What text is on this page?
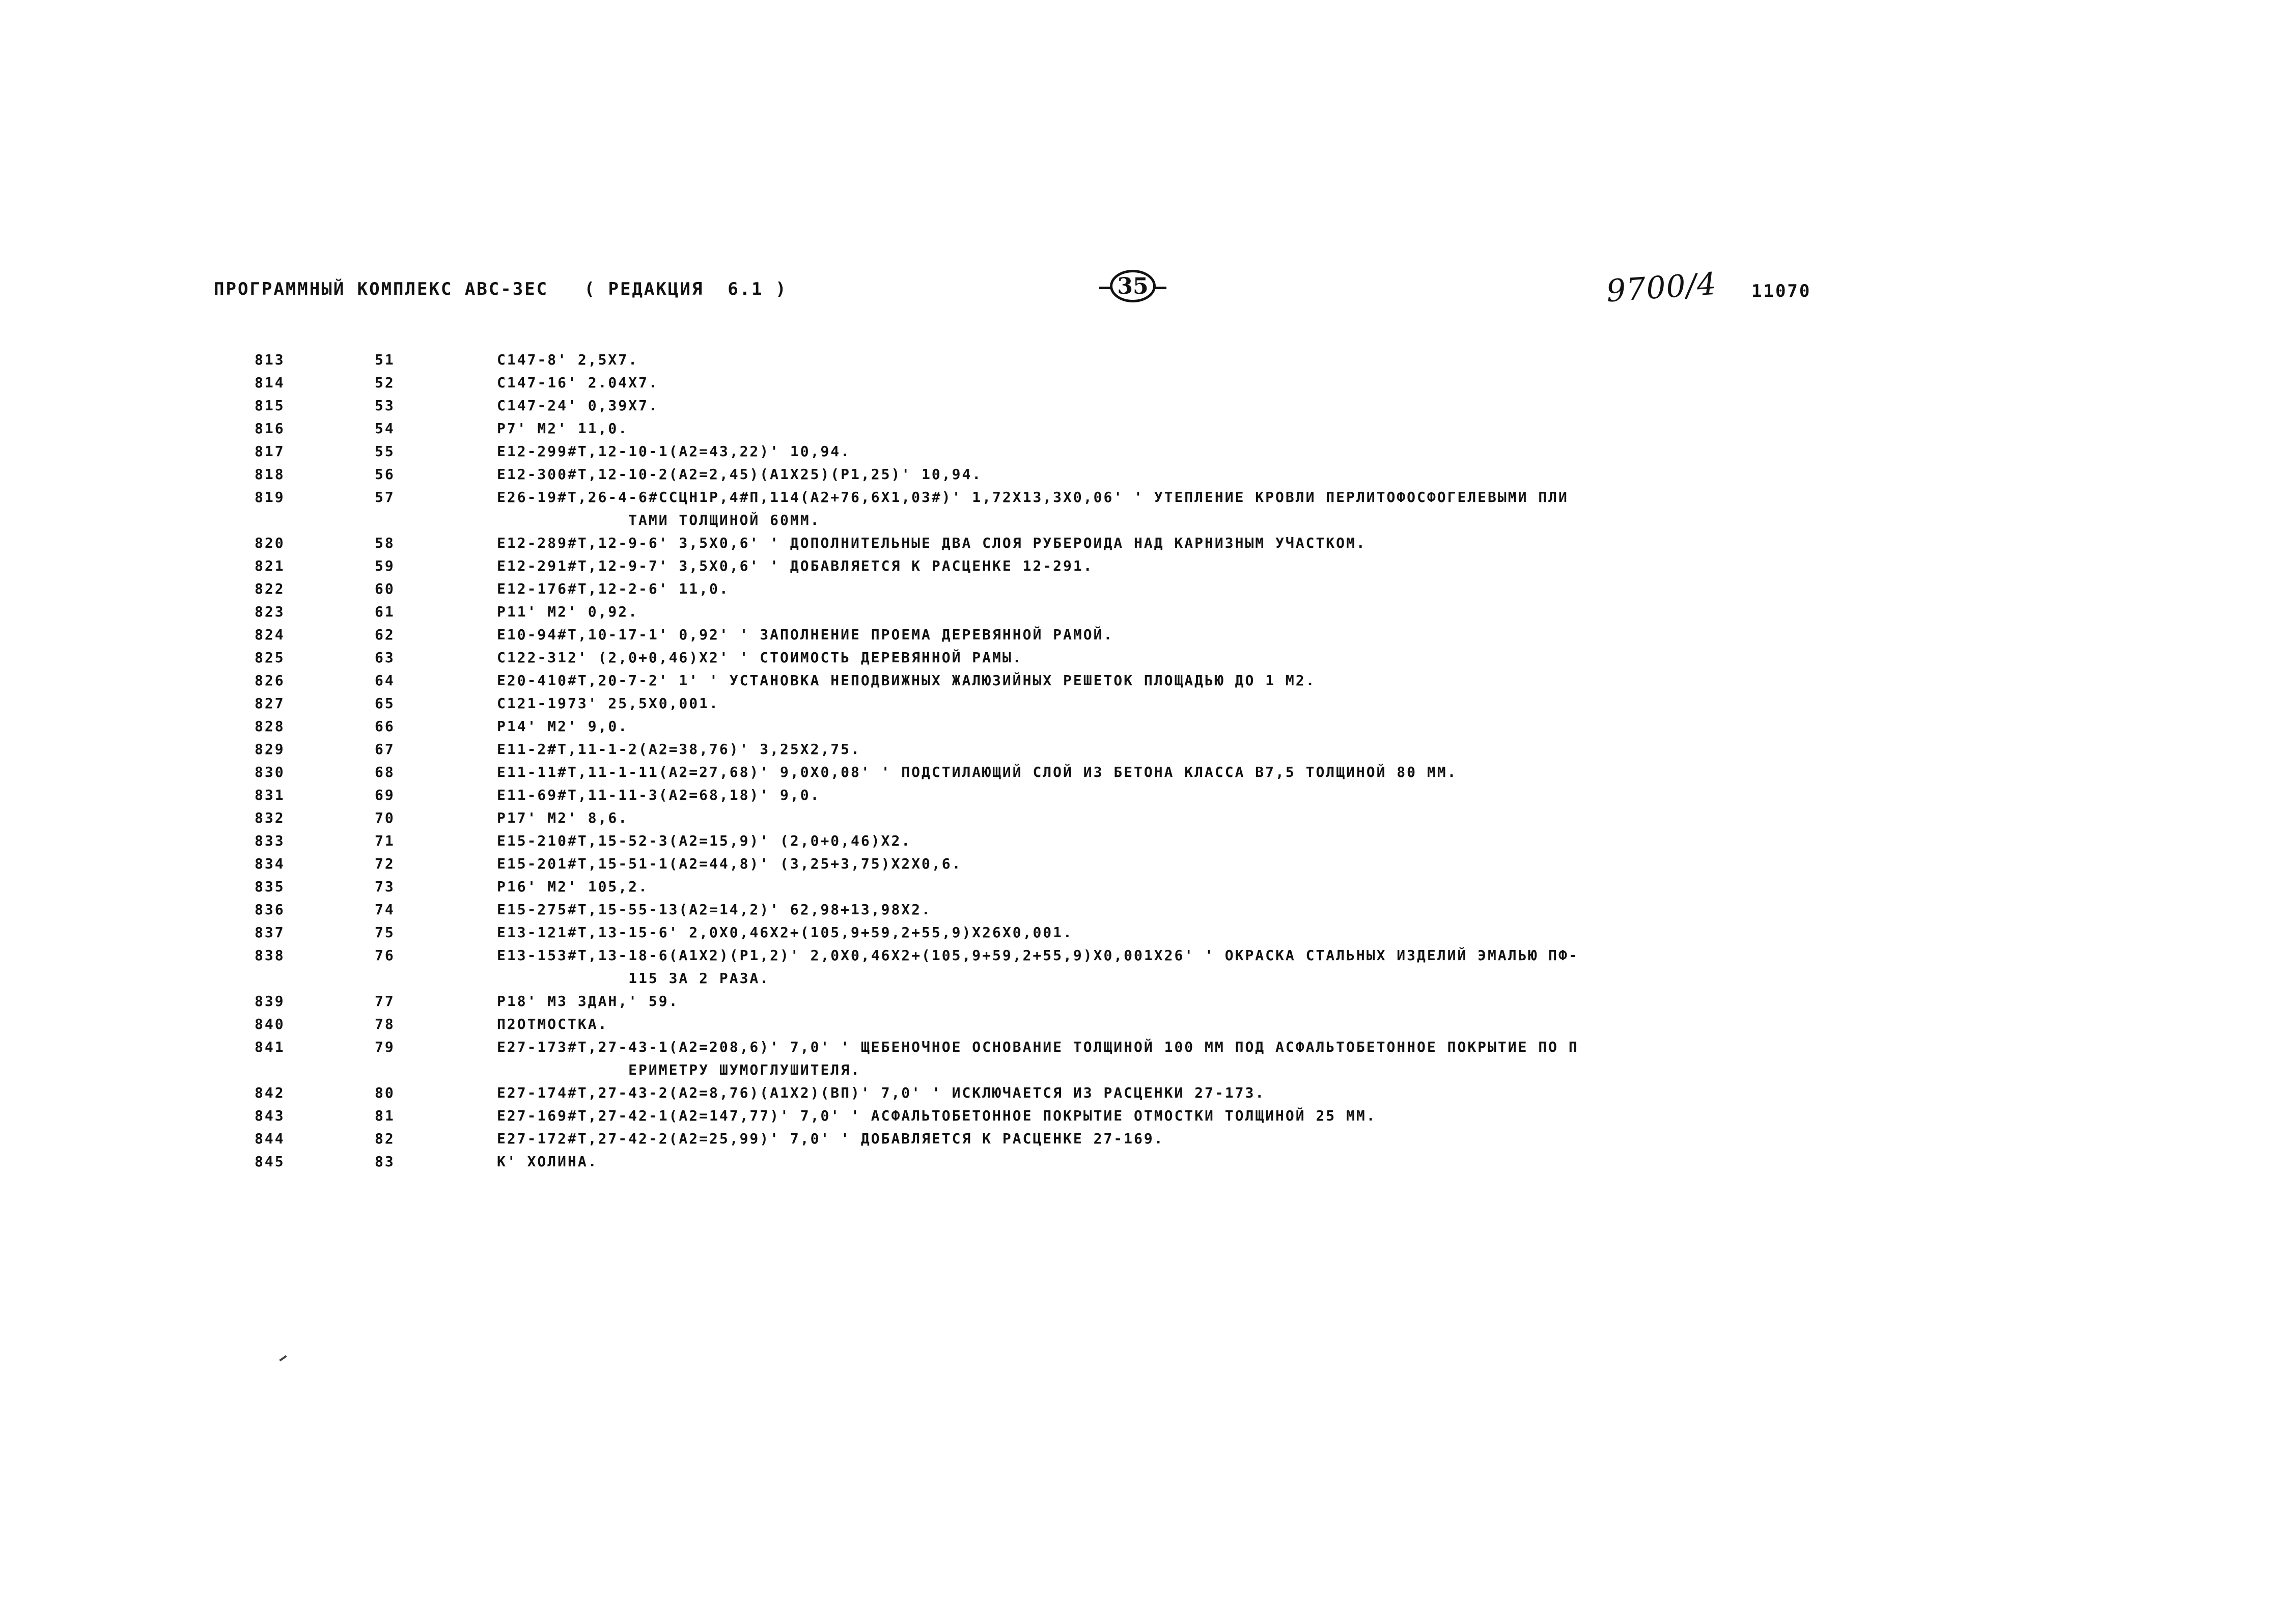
ПРОГРАММНЫЙ КОМПЛЕКС АВС-ЗЕС   ( РЕДАКЦИЯ  6.1 )	35	9700/4 11070
813	51	С147-8' 2,5Х7.
814	52	С147-16' 2.04Х7.
815	53	С147-24' 0,39Х7.
816	54	Р7' М2' 11,0.
817	55	Е12-299#Т,12-10-1(А2=43,22)' 10,94.
818	56	Е12-300#Т,12-10-2(А2=2,45)(А1Х25)(Р1,25)' 10,94.
819	57	Е26-19#Т,26-4-6#ССЦН1Р,4#П,114(А2+76,6Х1,03#)' 1,72Х13,3Х0,06' ' УТЕПЛЕНИЕ КРОВЛИ ПЕРЛИТОФОСФОГЕЛЕВЫМИ ПЛИ
ТАМИ ТОЛЩИНОЙ 60ММ.
820	58	Е12-289#Т,12-9-6' 3,5Х0,6' ' ДОПОЛНИТЕЛЬНЫЕ ДВА СЛОЯ РУБЕРОИДА НАД КАРНИЗНЫМ УЧАСТКОМ.
821	59	Е12-291#Т,12-9-7' 3,5Х0,6' ' ДОБАВЛЯЕТСЯ К РАСЦЕНКЕ 12-291.
822	60	Е12-176#Т,12-2-6' 11,0.
823	61	Р11' М2' 0,92.
824	62	Е10-94#Т,10-17-1' 0,92' ' ЗАПОЛНЕНИЕ ПРОЕМА ДЕРЕВЯННОЙ РАМОЙ.
825	63	С122-312' (2,0+0,46)Х2' ' СТОИМОСТЬ ДЕРЕВЯННОЙ РАМЫ.
826	64	Е20-410#Т,20-7-2' 1' ' УСТАНОВКА НЕПОДВИЖНЫХ ЖАЛЮЗИЙНЫХ РЕШЕТОК ПЛОЩАДЬЮ ДО 1 М2.
827	65	С121-1973' 25,5Х0,001.
828	66	Р14' М2' 9,0.
829	67	Е11-2#Т,11-1-2(А2=38,76)' 3,25Х2,75.
830	68	Е11-11#Т,11-1-11(А2=27,68)' 9,0Х0,08' ' ПОДСТИЛАЮЩИЙ СЛОЙ ИЗ БЕТОНА КЛАССА В7,5 ТОЛЩИНОЙ 80 ММ.
831	69	Е11-69#Т,11-11-3(А2=68,18)' 9,0.
832	70	Р17' М2' 8,6.
833	71	Е15-210#Т,15-52-3(А2=15,9)' (2,0+0,46)Х2.
834	72	Е15-201#Т,15-51-1(А2=44,8)' (3,25+3,75)Х2Х0,6.
835	73	Р16' М2' 105,2.
836	74	Е15-275#Т,15-55-13(А2=14,2)' 62,98+13,98Х2.
837	75	Е13-121#Т,13-15-6' 2,0Х0,46Х2+(105,9+59,2+55,9)Х26Х0,001.
838	76	Е13-153#Т,13-18-6(А1Х2)(Р1,2)' 2,0Х0,46Х2+(105,9+59,2+55,9)Х0,001Х26' ' ОКРАСКА СТАЛЬНЫХ ИЗДЕЛИЙ ЭМАЛЬЮ ПФ-
115 ЗА 2 РАЗА.
839	77	Р18' М3 ЗДАН,' 59.
840	78	П2ОТМОСТКА.
841	79	Е27-173#Т,27-43-1(А2=208,6)' 7,0' ' ЩЕБЕНОЧНОЕ ОСНОВАНИЕ ТОЛЩИНОЙ 100 ММ ПОД АСФАЛЬТОБЕТОННОЕ ПОКРЫТИЕ ПО П
ЕРИМЕТРУ ШУМОГЛУШИТЕЛЯ.
842	80	Е27-174#Т,27-43-2(А2=8,76)(А1Х2)(ВП)' 7,0' ' ИСКЛЮЧАЕТСЯ ИЗ РАСЦЕНКИ 27-173.
843	81	Е27-169#Т,27-42-1(А2=147,77)' 7,0' ' АСФАЛЬТОБЕТОННОЕ ПОКРЫТИЕ ОТМОСТКИ ТОЛЩИНОЙ 25 ММ.
844	82	Е27-172#Т,27-42-2(А2=25,99)' 7,0' ' ДОБАВЛЯЕТСЯ К РАСЦЕНКЕ 27-169.
845	83	К' ХОЛИНА.
